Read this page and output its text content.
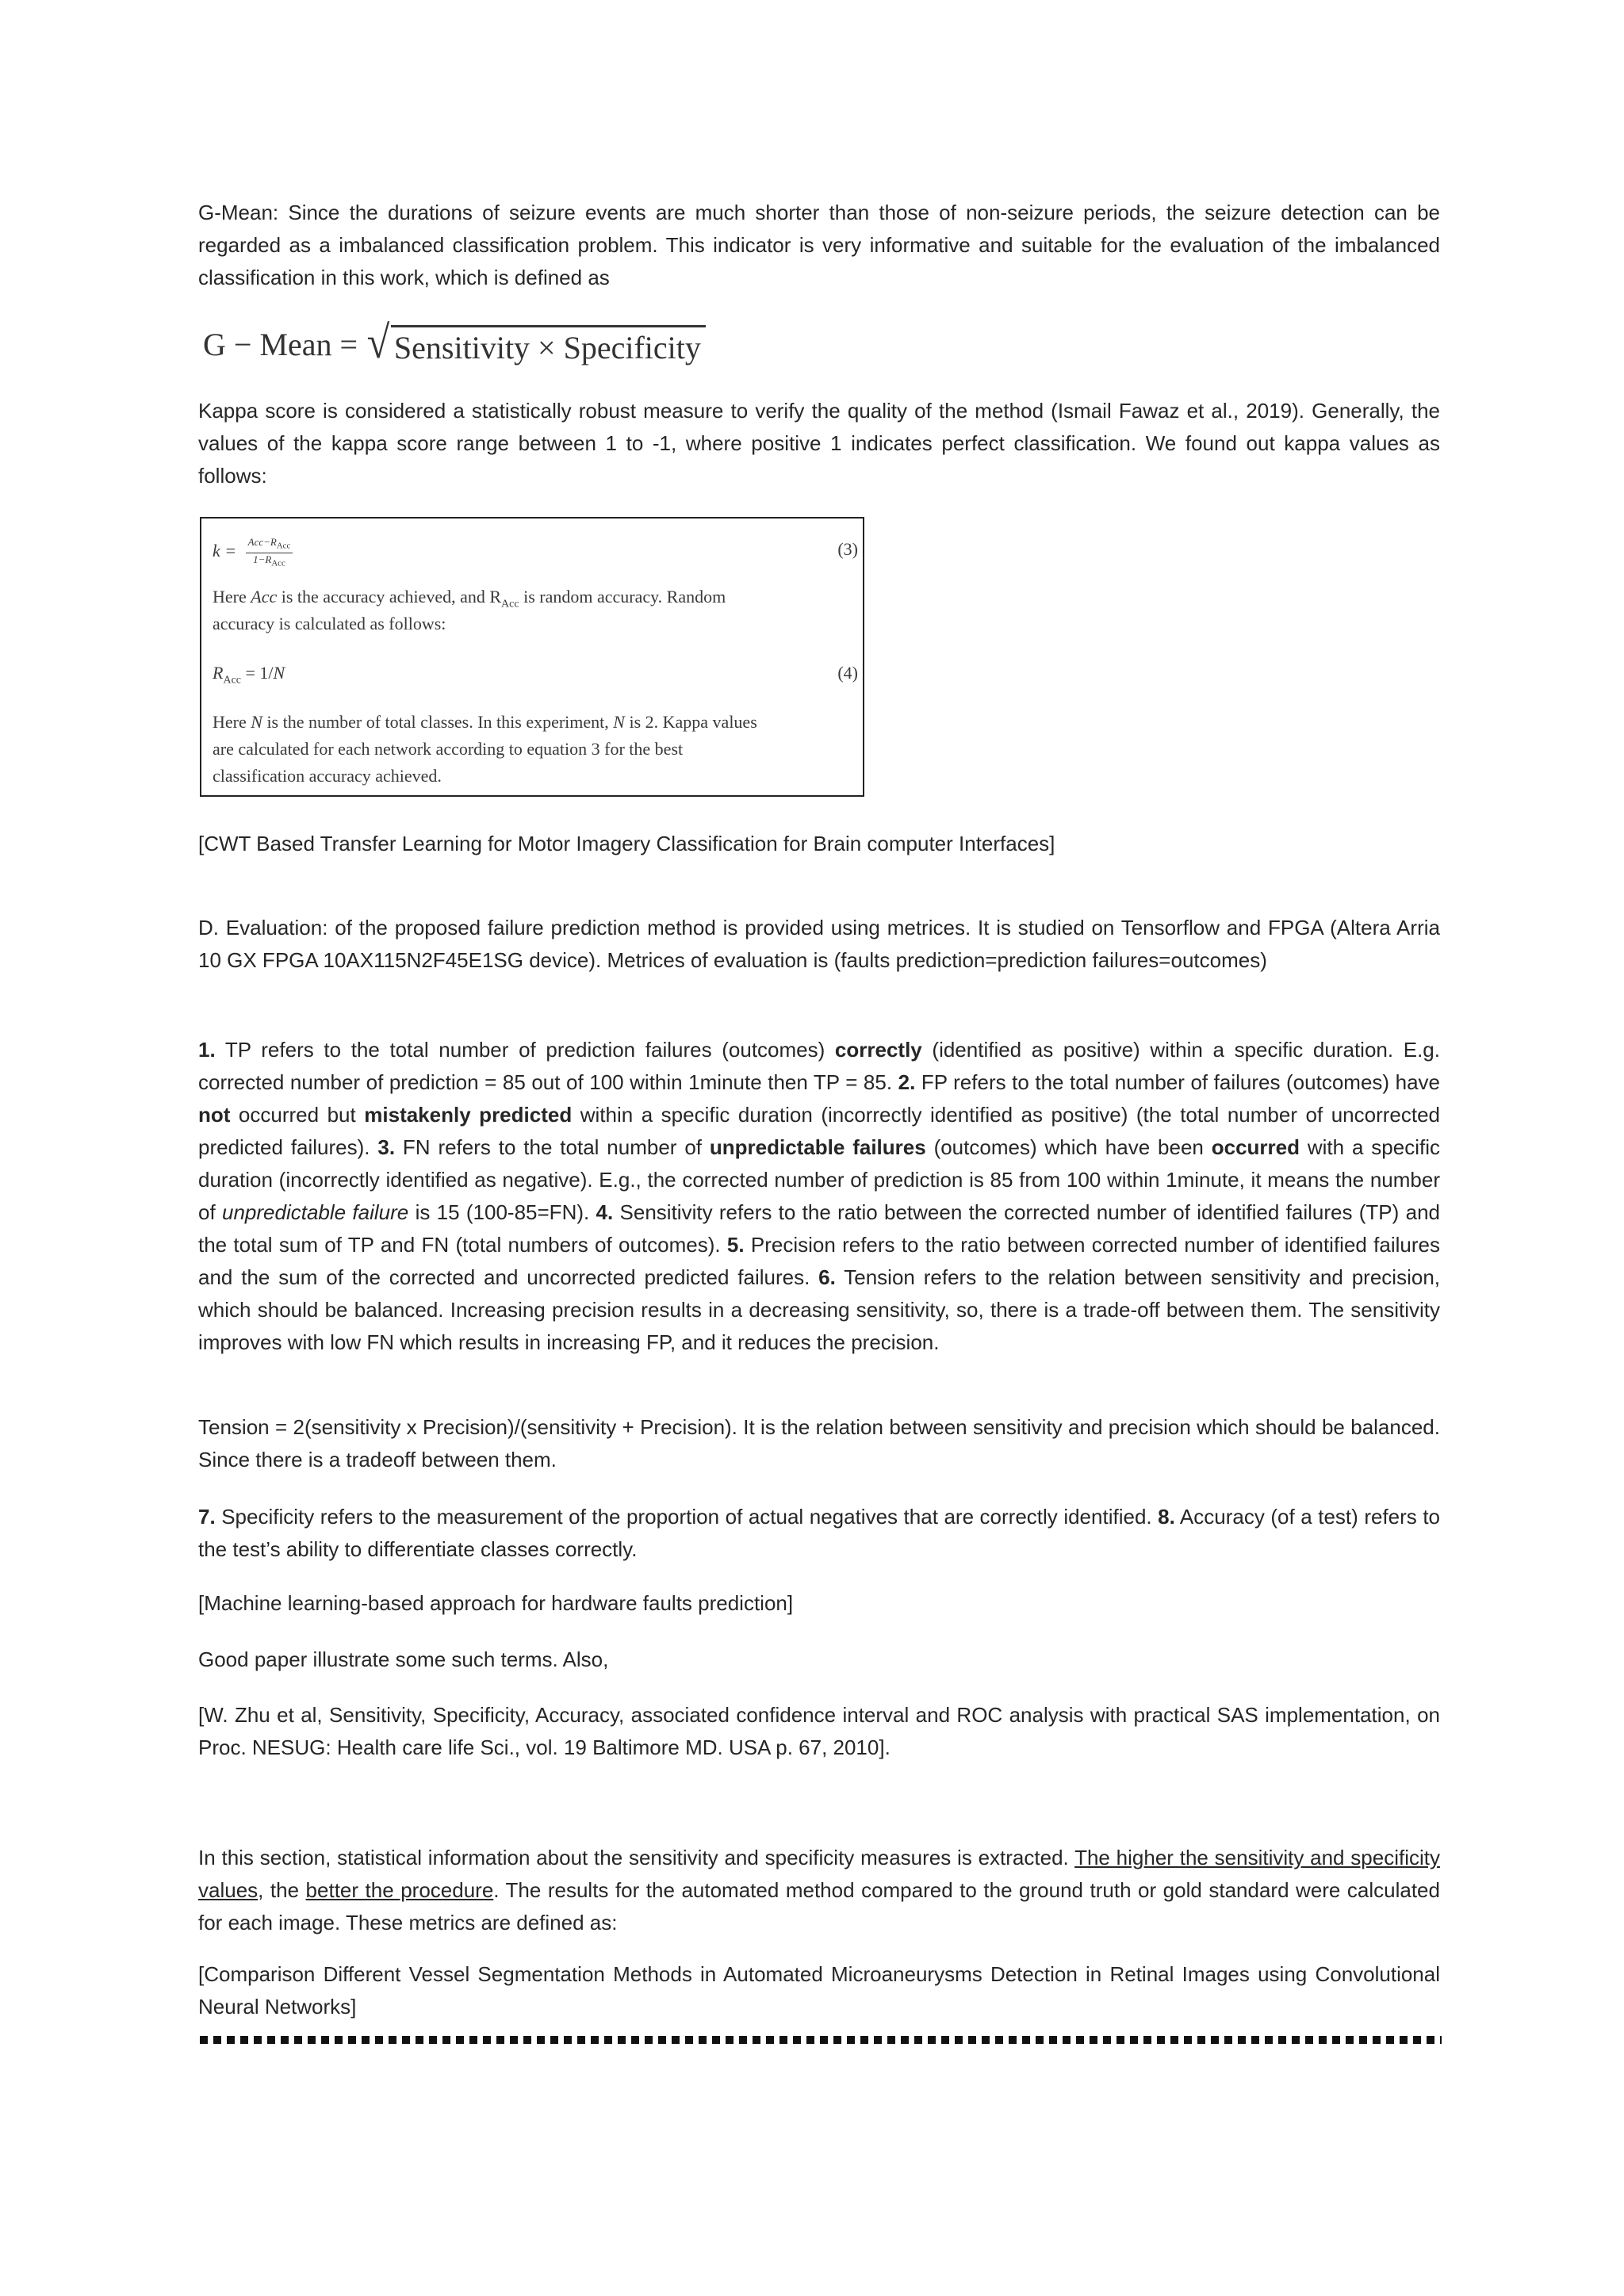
G-Mean: Since the durations of seizure events are much shorter than those of non-seizure periods, the seizure detection can be regarded as a imbalanced classification problem. This indicator is very informative and suitable for the evaluation of the imbalanced classification in this work, which is defined as

G − Mean = √ Sensitivity × Specificity

Kappa score is considered a statistically robust measure to verify the quality of the method (Ismail Fawaz et al., 2019). Generally, the values of the kappa score range between 1 to -1, where positive 1 indicates perfect classification. We found out kappa values as follows:

$k = \frac{Acc-R_{Acc}}{1-R_{Acc}}$	(3)
Here Acc is the accuracy achieved, and $R_{Acc}$ is random accuracy. Random
accuracy is calculated as follows:
$R_{Acc} = 1/N$	(4)
Here N is the number of total classes. In this experiment, N is 2. Kappa values
are calculated for each network according to equation 3 for the best
classification accuracy achieved.

[CWT Based Transfer Learning for Motor Imagery Classification for Brain computer Interfaces]

D. Evaluation: of the proposed failure prediction method is provided using metrices. It is studied on Tensorflow and FPGA (Altera Arria 10 GX FPGA 10AX115N2F45E1SG device). Metrices of evaluation is (faults prediction=prediction failures=outcomes)

1. TP refers to the total number of prediction failures (outcomes) correctly (identified as positive) within a specific duration. E.g. corrected number of prediction = 85 out of 100 within 1minute then TP = 85. 2. FP refers to the total number of failures (outcomes) have not occurred but mistakenly predicted within a specific duration (incorrectly identified as positive) (the total number of uncorrected predicted failures). 3. FN refers to the total number of unpredictable failures (outcomes) which have been occurred with a specific duration (incorrectly identified as negative). E.g., the corrected number of prediction is 85 from 100 within 1minute, it means the number of unpredictable failure is 15 (100-85=FN). 4. Sensitivity refers to the ratio between the corrected number of identified failures (TP) and the total sum of TP and FN (total numbers of outcomes). 5. Precision refers to the ratio between corrected number of identified failures and the sum of the corrected and uncorrected predicted failures. 6. Tension refers to the relation between sensitivity and precision, which should be balanced. Increasing precision results in a decreasing sensitivity, so, there is a trade-off between them. The sensitivity improves with low FN which results in increasing FP, and it reduces the precision.

Tension = 2(sensitivity x Precision)/(sensitivity + Precision). It is the relation between sensitivity and precision which should be balanced. Since there is a tradeoff between them.

7. Specificity refers to the measurement of the proportion of actual negatives that are correctly identified. 8. Accuracy (of a test) refers to the test’s ability to differentiate classes correctly.

[Machine learning-based approach for hardware faults prediction]

Good paper illustrate some such terms. Also,

[W. Zhu et al, Sensitivity, Specificity, Accuracy, associated confidence interval and ROC analysis with practical SAS implementation, on Proc. NESUG: Health care life Sci., vol. 19 Baltimore MD. USA p. 67, 2010].

In this section, statistical information about the sensitivity and specificity measures is extracted. The higher the sensitivity and specificity values, the better the procedure. The results for the automated method compared to the ground truth or gold standard were calculated for each image. These metrics are defined as:

[Comparison Different Vessel Segmentation Methods in Automated Microaneurysms Detection in Retinal Images using Convolutional Neural Networks]
